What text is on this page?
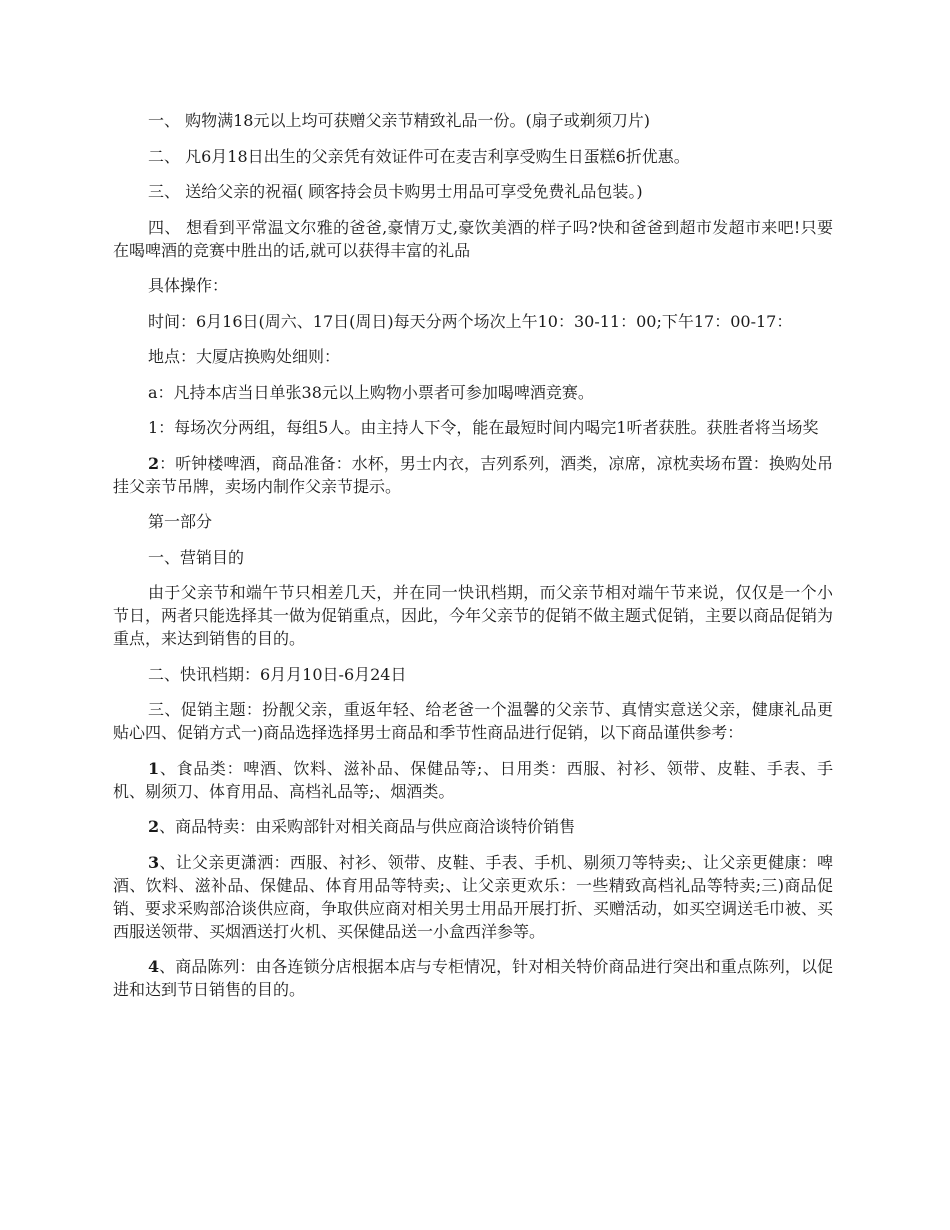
一、 购物满18元以上均可获赠父亲节精致礼品一份。(扇子或剃须刀片)

二、 凡6月18日出生的父亲凭有效证件可在麦吉利享受购生日蛋糕6折优惠。

三、 送给父亲的祝福( 顾客持会员卡购男士用品可享受免费礼品包装。)

四、 想看到平常温文尔雅的爸爸,豪情万丈,豪饮美酒的样子吗?快和爸爸到超市发超市来吧!只要在喝啤酒的竞赛中胜出的话,就可以获得丰富的礼品

具体操作：

时间：6月16日(周六、17日(周日)每天分两个场次上午10：30-11：00;下午17：00-17：

地点：大厦店换购处细则：

a：凡持本店当日单张38元以上购物小票者可参加喝啤酒竞赛。

1：每场次分两组，每组5人。由主持人下令，能在最短时间内喝完1听者获胜。获胜者将当场奖

2：听钟楼啤酒，商品准备：水杯，男士内衣，吉列系列，酒类，凉席，凉枕卖场布置：换购处吊挂父亲节吊牌，卖场内制作父亲节提示。

第一部分

一、营销目的

由于父亲节和端午节只相差几天，并在同一快讯档期，而父亲节相对端午节来说，仅仅是一个小节日，两者只能选择其一做为促销重点，因此，今年父亲节的促销不做主题式促销，主要以商品促销为重点，来达到销售的目的。

二、快讯档期：6月月10日-6月24日

三、促销主题：扮靓父亲，重返年轻、给老爸一个温馨的父亲节、真情实意送父亲，健康礼品更贴心四、促销方式一)商品选择选择男士商品和季节性商品进行促销，以下商品谨供参考：

1、食品类：啤酒、饮料、滋补品、保健品等;、日用类：西服、衬衫、领带、皮鞋、手表、手机、剔须刀、体育用品、高档礼品等;、烟酒类。

2、商品特卖：由采购部针对相关商品与供应商洽谈特价销售

3、让父亲更潇洒：西服、衬衫、领带、皮鞋、手表、手机、剔须刀等特卖;、让父亲更健康：啤酒、饮料、滋补品、保健品、体育用品等特卖;、让父亲更欢乐：一些精致高档礼品等特卖;三)商品促销、要求采购部洽谈供应商，争取供应商对相关男士用品开展打折、买赠活动，如买空调送毛巾被、买西服送领带、买烟酒送打火机、买保健品送一小盒西洋参等。

4、商品陈列：由各连锁分店根据本店与专柜情况，针对相关特价商品进行突出和重点陈列，以促进和达到节日销售的目的。
